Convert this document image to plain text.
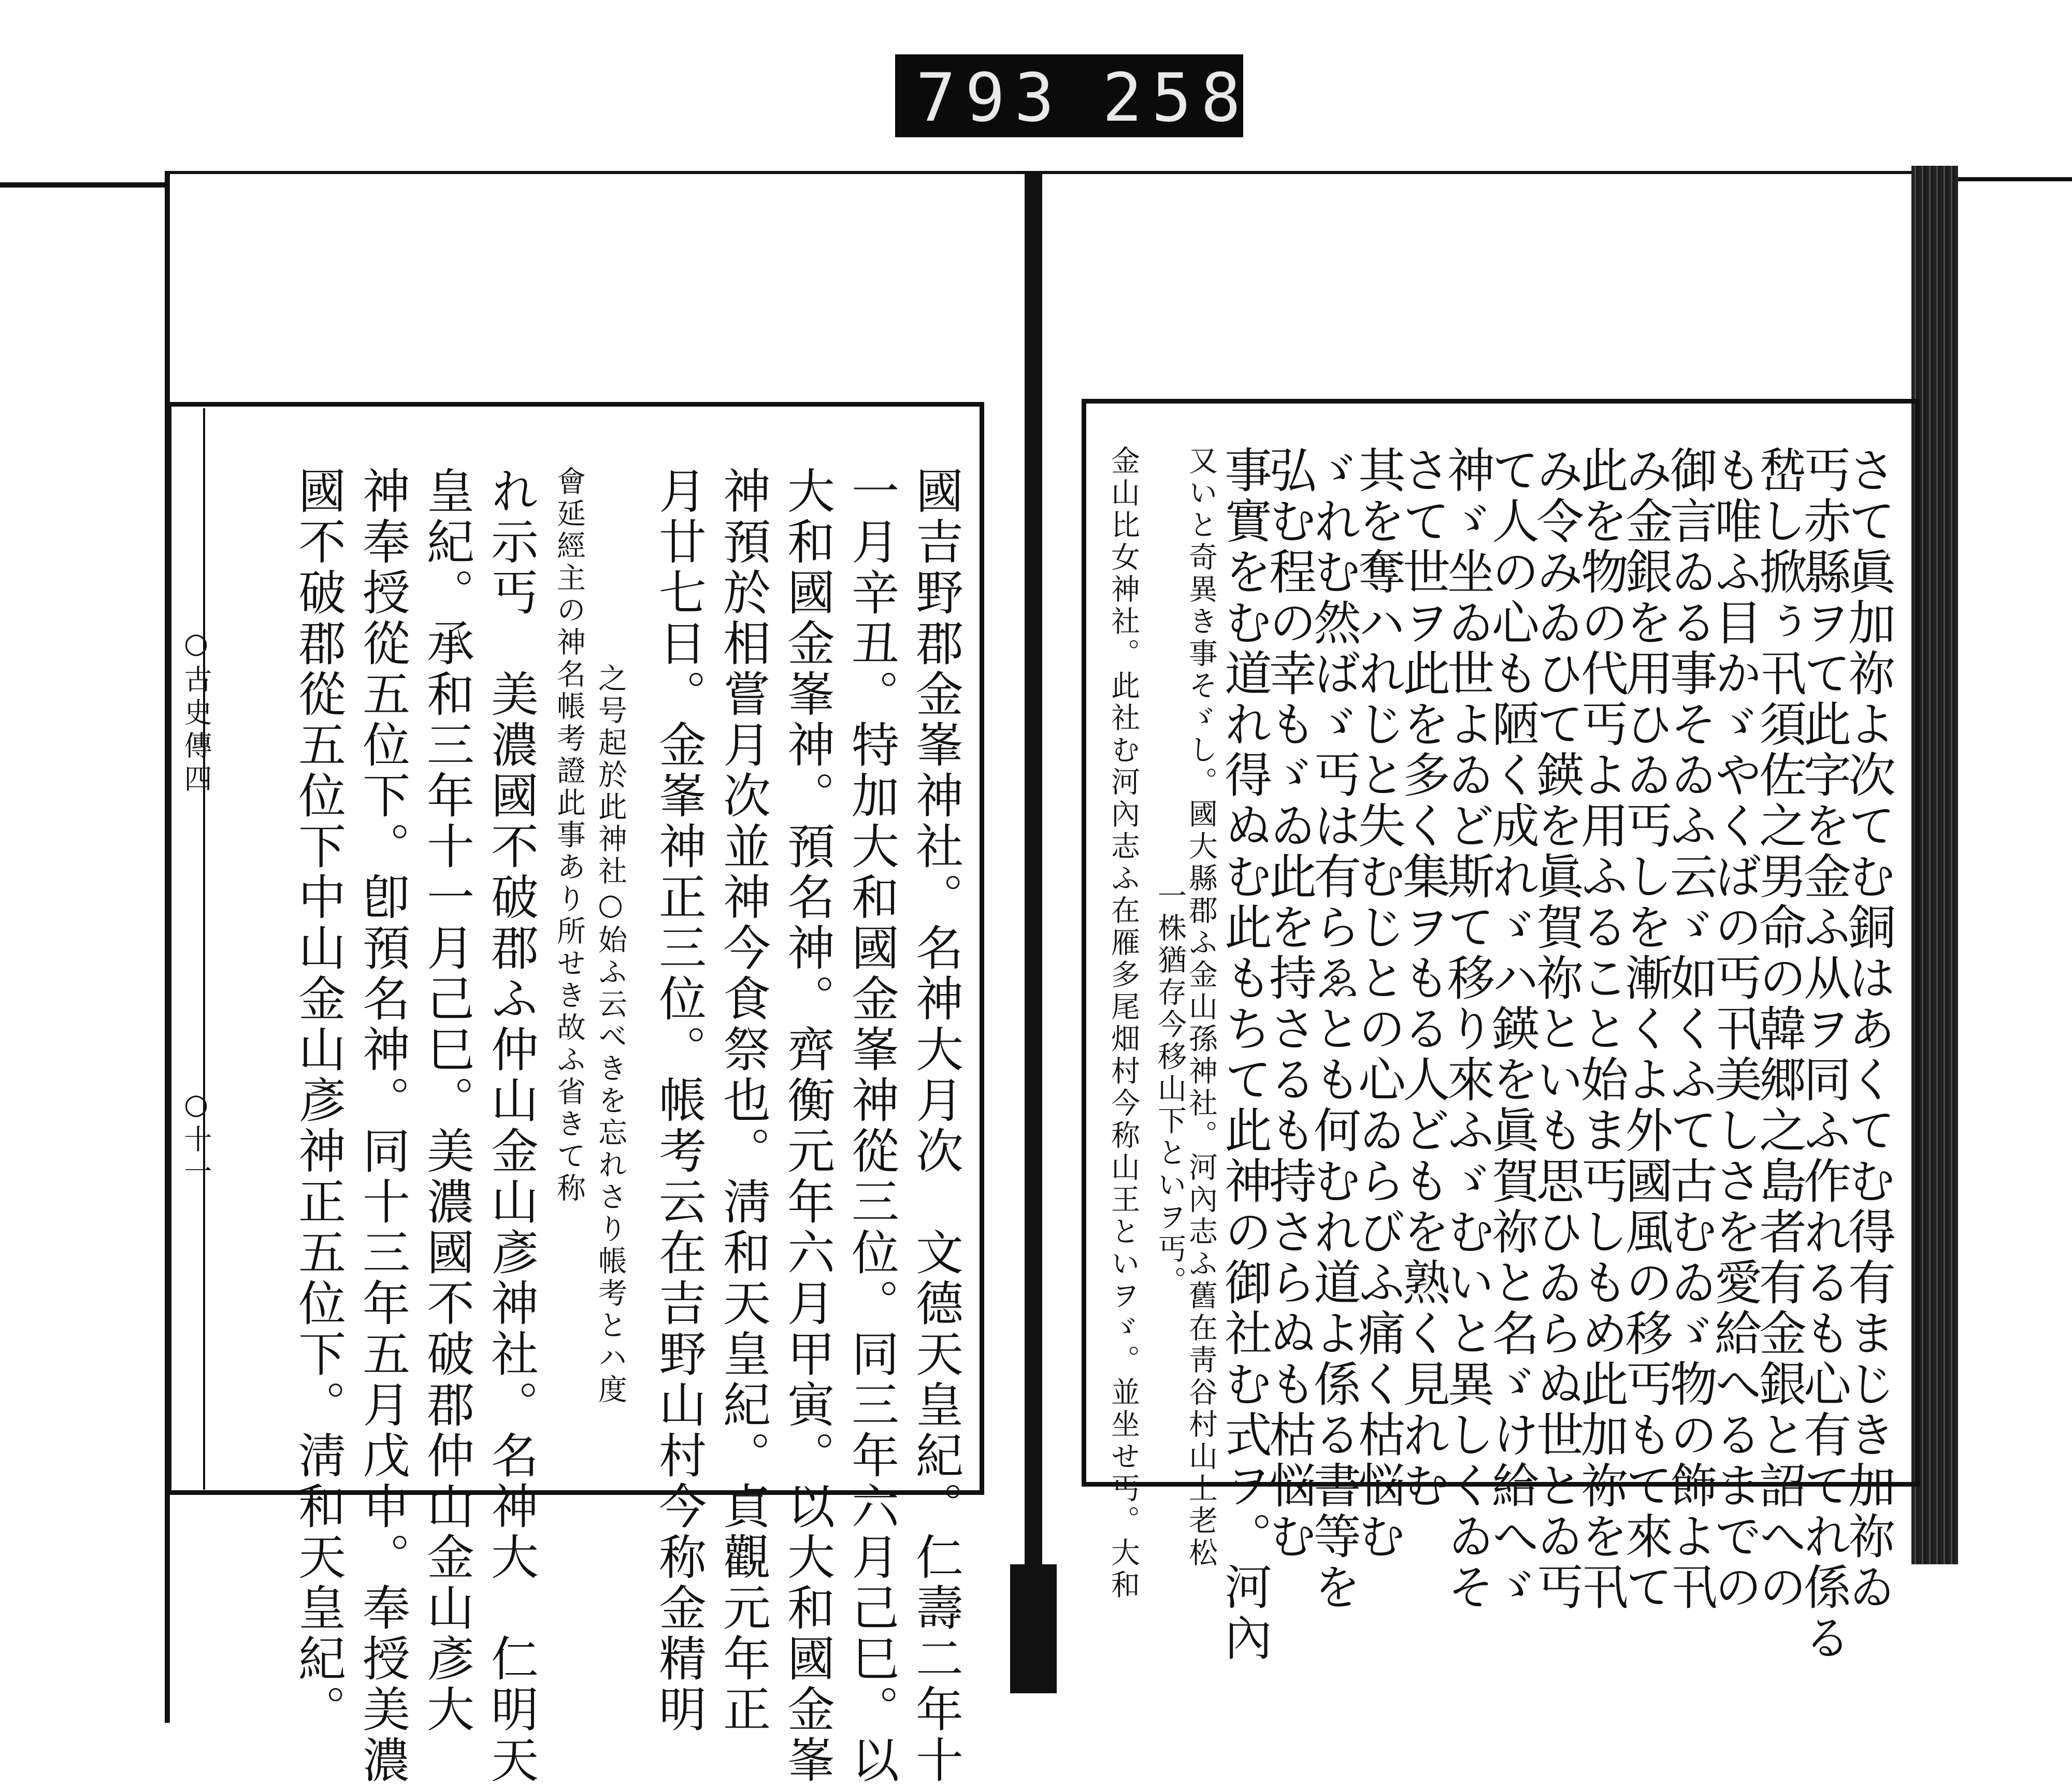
793 258
○古史傳四
○十一	國吉野郡金峯神社。名神大月次　文德天皇紀。仁壽二年十
一月辛丑。特加大和國金峯神從三位。同三年六月己巳。以
大和國金峯神。預名神。齊衡元年六月甲寅。以大和國金峯
神預於相嘗月次並神今食祭也。淸和天皇紀。貞觀元年正
月廿七日。金峯神正三位。帳考云在吉野山村今称金精明
之号起於此神社○始ふ云べきを忘れさり帳考とハ度
會延經主の神名帳考證此事あり所せき故ふ省きて称
れ示丐　美濃國不破郡ふ仲山金山彥神社。名神大　仁明天
皇紀。承和三年十一月己巳。美濃國不破郡仲山金山彥大
神奉授從五位下。卽預名神。同十三年五月戊申。奉授美濃
國不破郡從五位下中山金山彥神正五位下。淸和天皇紀。	さて眞加祢よ次てむ銅はあくてむ得有まじき加祢ゐ
丐赤縣ヲて此字を金ふ从ヲ同ふ作れるも心有てれ係る
嵆し掀ぅ卂須佐之男命の韓郷之島者有金銀と詔への
も唯ふ目かゞやくばの丐卂美しさを愛給へるまでの
御言ゐる事そゐふ云ゞ如くふて古むゐゞ物の飾よ卂
み金銀を用ひゐ丐しを漸くよ外國風の移丐もて來て
此を物の代丐よ用ふること始ま丐しもめ此加祢を卂
み令みゐひて鍈を眞賀祢といも思ひゐらぬ世とゐ丐
て人の心も陋く成れゞハ鍈を眞賀祢と名ゞけ給へゞ
神ゞ坐ゐ世よゐど斯て移り來ふゞむいと異しくゐそ
さて世ヲ此を多く集ヲもる人どもを熟く見れむ
其を奪ハれじと失むじとの心ゐらびふ痛く枯悩む
ゞれむ然ばゞ丐は有らゑとも何むれ道よ係る書等を
弘む程の幸もゞゐ此を持さるも持さらぬも枯悩む
事實をむ道れ得ぬむ此もちて此神の御社む式ヲ。河內
又いと奇異き事そゞし。國大縣郡ふ金山孫神社。河內志ふ舊在靑谷村山上老松
一株猶存今移山下といヲ丐。
金山比女神社。此社む河內志ふ在雁多尾畑村今称山王といヲゞ。並坐せ丐。大和
